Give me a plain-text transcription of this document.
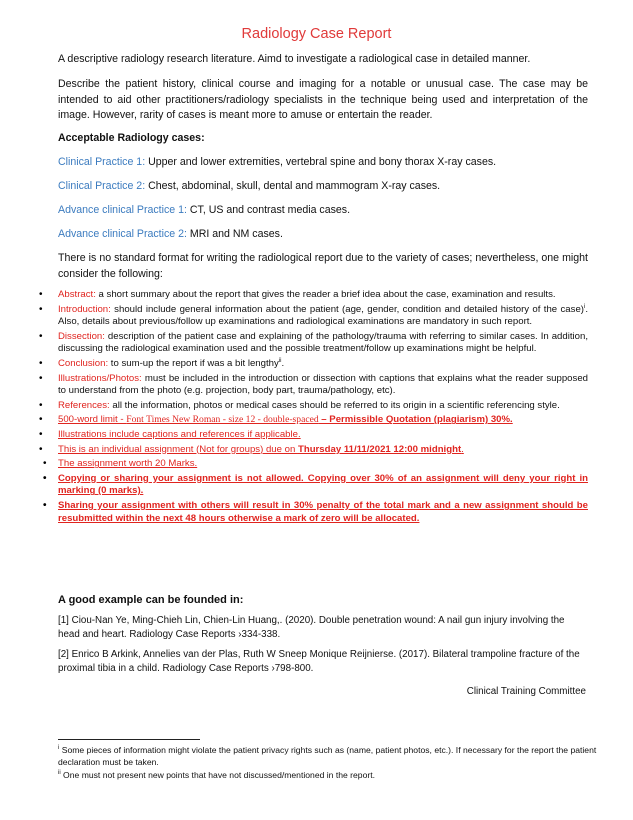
Radiology Case Report
A descriptive radiology research literature. Aimd to investigate a radiological case in detailed manner.
Describe the patient history, clinical course and imaging for a notable or unusual case. The case may be intended to aid other practitioners/radiology specialists in the technique being used and interpretation of the image. However, rarity of cases is meant more to amuse or entertain the reader.
Acceptable Radiology cases:
Clinical Practice 1: Upper and lower extremities, vertebral spine and bony thorax X-ray cases.
Clinical Practice 2: Chest, abdominal, skull, dental and mammogram X-ray cases.
Advance clinical Practice 1: CT, US and contrast media cases.
Advance clinical Practice 2: MRI and NM cases.
There is no standard format for writing the radiological report due to the variety of cases; nevertheless, one might consider the following:
• Abstract: a short summary about the report that gives the reader a brief idea about the case, examination and results.
• Introduction: should include general information about the patient (age, gender, condition and detailed history of the case)$^i$. Also, details about previous/follow up examinations and radiological examinations are mandatory in such report.
• Dissection: description of the patient case and explaining of the pathology/trauma with referring to similar cases. In addition, discussing the radiological examination used and the possible treatment/follow up examinations might be helpful.
• Conclusion: to sum-up the report if was a bit lengthy$^{ii}$.
• Illustrations/Photos: must be included in the introduction or dissection with captions that explains what the reader supposed to understand from the photo (e.g. projection, body part, trauma/pathology, etc).
• References: all the information, photos or medical cases should be referred to its origin in a scientific referencing style.
• 500-word limit - Font Times New Roman - size 12 - double-spaced – Permissible Quotation (plagiarism) 30%.
• Illustrations include captions and references if applicable.
• This is an individual assignment (Not for groups) due on Thursday 11/11/2021 12:00 midnight.
• The assignment worth 20 Marks.
• Copying or sharing your assignment is not allowed. Copying over 30% of an assignment will deny your right in marking (0 marks).
• Sharing your assignment with others will result in 30% penalty of the total mark and a new assignment should be resubmitted within the next 48 hours otherwise a mark of zero will be allocated.
A good example can be founded in:
[1] Ciou-Nan Ye, Ming-Chieh Lin, Chien-Lin Huang,. (2020). Double penetration wound: A nail gun injury involving the head and heart. Radiology Case Reports ›334-338.
[2] Enrico B Arkink, Annelies van der Plas, Ruth W Sneep Monique Reijnierse. (2017). Bilateral trampoline fracture of the proximal tibia in a child. Radiology Case Reports ›798-800.
Clinical Training Committee
$^i$ Some pieces of information might violate the patient privacy rights such as (name, patient photos, etc.). If necessary for the report the patient declaration must be taken.
$^{ii}$ One must not present new points that have not discussed/mentioned in the report.
